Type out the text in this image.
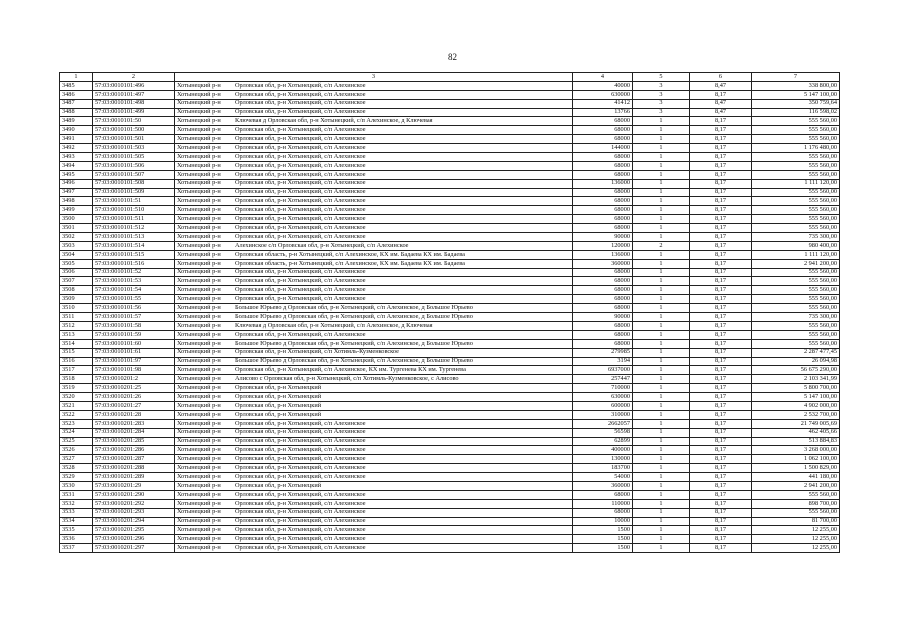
82
1	2	3	4	5	6	7
3485	57:03:0010101:496	Хотынецкий р-н Орловская обл, р-н Хотынецкий, с/п Алехинское	40000	3	8,47	338 800,00
3486	57:03:0010101:497	Хотынецкий р-н Орловская обл, р-н Хотынецкий, с/п Алехинское	630000	3	8,17	5 147 100,00
3487	57:03:0010101:498	Хотынецкий р-н Орловская обл, р-н Хотынецкий, с/п Алехинское	41412	3	8,47	350 759,64
3488	57:03:0010101:499	Хотынецкий р-н Орловская обл, р-н Хотынецкий, с/п Алехинское	13766	3	8,47	116 598,02
3489	57:03:0010101:50	Хотынецкий р-н Ключевая д Орловская обл, р-н Хотынецкий, с/п Алехинское, д Ключевая	68000	1	8,17	555 560,00
3490	57:03:0010101:500	Хотынецкий р-н Орловская обл, р-н Хотынецкий, с/п Алехинское	68000	1	8,17	555 560,00
3491	57:03:0010101:501	Хотынецкий р-н Орловская обл, р-н Хотынецкий, с/п Алехинское	68000	1	8,17	555 560,00
3492	57:03:0010101:503	Хотынецкий р-н Орловская обл, р-н Хотынецкий, с/п Алехинское	144000	1	8,17	1 176 480,00
3493	57:03:0010101:505	Хотынецкий р-н Орловская обл, р-н Хотынецкий, с/п Алехинское	68000	1	8,17	555 560,00
3494	57:03:0010101:506	Хотынецкий р-н Орловская обл, р-н Хотынецкий, с/п Алехинское	68000	1	8,17	555 560,00
3495	57:03:0010101:507	Хотынецкий р-н Орловская обл, р-н Хотынецкий, с/п Алехинское	68000	1	8,17	555 560,00
3496	57:03:0010101:508	Хотынецкий р-н Орловская обл, р-н Хотынецкий, с/п Алехинское	136000	1	8,17	1 111 120,00
3497	57:03:0010101:509	Хотынецкий р-н Орловская обл, р-н Хотынецкий, с/п Алехинское	68000	1	8,17	555 560,00
3498	57:03:0010101:51	Хотынецкий р-н Орловская обл, р-н Хотынецкий, с/п Алехинское	68000	1	8,17	555 560,00
3499	57:03:0010101:510	Хотынецкий р-н Орловская обл, р-н Хотынецкий, с/п Алехинское	68000	1	8,17	555 560,00
3500	57:03:0010101:511	Хотынецкий р-н Орловская обл, р-н Хотынецкий, с/п Алехинское	68000	1	8,17	555 560,00
3501	57:03:0010101:512	Хотынецкий р-н Орловская обл, р-н Хотынецкий, с/п Алехинское	68000	1	8,17	555 560,00
3502	57:03:0010101:513	Хотынецкий р-н Орловская обл, р-н Хотынецкий, с/п Алехинское	90000	1	8,17	735 300,00
3503	57:03:0010101:514	Хотынецкий р-н Алехинское с/п Орловская обл, р-н Хотынецкий, с/п Алехинское	120000	2	8,17	980 400,00
3504	57:03:0010101:515	Хотынецкий р-н Орловская область, р-н Хотынецкий, с/п Алехинское, КХ им. Бадаева КХ им. Бадаева	136000	1	8,17	1 111 120,00
3505	57:03:0010101:516	Хотынецкий р-н Орловская область, р-н Хотынецкий, с/п Алехинское, КХ им. Бадаева КХ им. Бадаева	360000	1	8,17	2 941 200,00
3506	57:03:0010101:52	Хотынецкий р-н Орловская обл, р-н Хотынецкий, с/п Алехинское	68000	1	8,17	555 560,00
3507	57:03:0010101:53	Хотынецкий р-н Орловская обл, р-н Хотынецкий, с/п Алехинское	68000	1	8,17	555 560,00
3508	57:03:0010101:54	Хотынецкий р-н Орловская обл, р-н Хотынецкий, с/п Алехинское	68000	1	8,17	555 560,00
3509	57:03:0010101:55	Хотынецкий р-н Орловская обл, р-н Хотынецкий, с/п Алехинское	68000	1	8,17	555 560,00
3510	57:03:0010101:56	Хотынецкий р-н Большое Юрьево д Орловская обл, р-н Хотынецкий, с/п Алехинское, д Большое Юрьево	68000	1	8,17	555 560,00
3511	57:03:0010101:57	Хотынецкий р-н Большое Юрьево д Орловская обл, р-н Хотынецкий, с/п Алехинское, д Большое Юрьево	90000	1	8,17	735 300,00
3512	57:03:0010101:58	Хотынецкий р-н Ключевая д Орловская обл, р-н Хотынецкий, с/п Алехинское, д Ключевая	68000	1	8,17	555 560,00
3513	57:03:0010101:59	Хотынецкий р-н Орловская обл, р-н Хотынецкий, с/п Алехинское	68000	1	8,17	555 560,00
3514	57:03:0010101:60	Хотынецкий р-н Большое Юрьево д Орловская обл, р-н Хотынецкий, с/п Алехинское, д Большое Юрьево	68000	1	8,17	555 560,00
3515	57:03:0010101:61	Хотынецкий р-н Орловская обл, р-н Хотынецкий, с/п Хотимль-Кузменковское	279985	1	8,17	2 287 477,45
3516	57:03:0010101:97	Хотынецкий р-н Большое Юрьево д Орловская обл, р-н Хотынецкий, с/п Алехинское, д Большое Юрьево	3194	1	8,17	26 094,98
3517	57:03:0010101:98	Хотынецкий р-н Орловская обл, р-н Хотынецкий, с/п Алехинское, КХ им. Тургенева КХ им. Тургенева	6937000	1	8,17	56 675 290,00
3518	57:03:0010201:2	Хотынецкий р-н Алисово с Орловская обл, р-н Хотынецкий, с/п Хотимль-Кузменковское, с Алисово	257447	1	8,17	2 103 341,99
3519	57:03:0010201:25	Хотынецкий р-н Орловская обл, р-н Хотынецкий	710000	1	8,17	5 800 700,00
3520	57:03:0010201:26	Хотынецкий р-н Орловская обл, р-н Хотынецкий	630000	1	8,17	5 147 100,00
3521	57:03:0010201:27	Хотынецкий р-н Орловская обл, р-н Хотынецкий	600000	1	8,17	4 902 000,00
3522	57:03:0010201:28	Хотынецкий р-н Орловская обл, р-н Хотынецкий	310000	1	8,17	2 532 700,00
3523	57:03:0010201:283	Хотынецкий р-н Орловская обл, р-н Хотынецкий, с/п Алехинское	2662057	1	8,17	21 749 005,69
3524	57:03:0010201:284	Хотынецкий р-н Орловская обл, р-н Хотынецкий, с/п Алехинское	56598	1	8,17	462 405,66
3525	57:03:0010201:285	Хотынецкий р-н Орловская обл, р-н Хотынецкий, с/п Алехинское	62899	1	8,17	513 884,83
3526	57:03:0010201:286	Хотынецкий р-н Орловская обл, р-н Хотынецкий, с/п Алехинское	400000	1	8,17	3 268 000,00
3527	57:03:0010201:287	Хотынецкий р-н Орловская обл, р-н Хотынецкий, с/п Алехинское	130000	1	8,17	1 062 100,00
3528	57:03:0010201:288	Хотынецкий р-н Орловская обл, р-н Хотынецкий, с/п Алехинское	183700	1	8,17	1 500 829,00
3529	57:03:0010201:289	Хотынецкий р-н Орловская обл, р-н Хотынецкий, с/п Алехинское	54000	1	8,17	441 180,00
3530	57:03:0010201:29	Хотынецкий р-н Орловская обл, р-н Хотынецкий	360000	1	8,17	2 941 200,00
3531	57:03:0010201:290	Хотынецкий р-н Орловская обл, р-н Хотынецкий, с/п Алехинское	68000	1	8,17	555 560,00
3532	57:03:0010201:292	Хотынецкий р-н Орловская обл, р-н Хотынецкий, с/п Алехинское	110000	1	8,17	898 700,00
3533	57:03:0010201:293	Хотынецкий р-н Орловская обл, р-н Хотынецкий, с/п Алехинское	68000	1	8,17	555 560,00
3534	57:03:0010201:294	Хотынецкий р-н Орловская обл, р-н Хотынецкий, с/п Алехинское	10000	1	8,17	81 700,00
3535	57:03:0010201:295	Хотынецкий р-н Орловская обл, р-н Хотынецкий, с/п Алехинское	1500	1	8,17	12 255,00
3536	57:03:0010201:296	Хотынецкий р-н Орловская обл, р-н Хотынецкий, с/п Алехинское	1500	1	8,17	12 255,00
3537	57:03:0010201:297	Хотынецкий р-н Орловская обл, р-н Хотынецкий, с/п Алехинское	1500	1	8,17	12 255,00
